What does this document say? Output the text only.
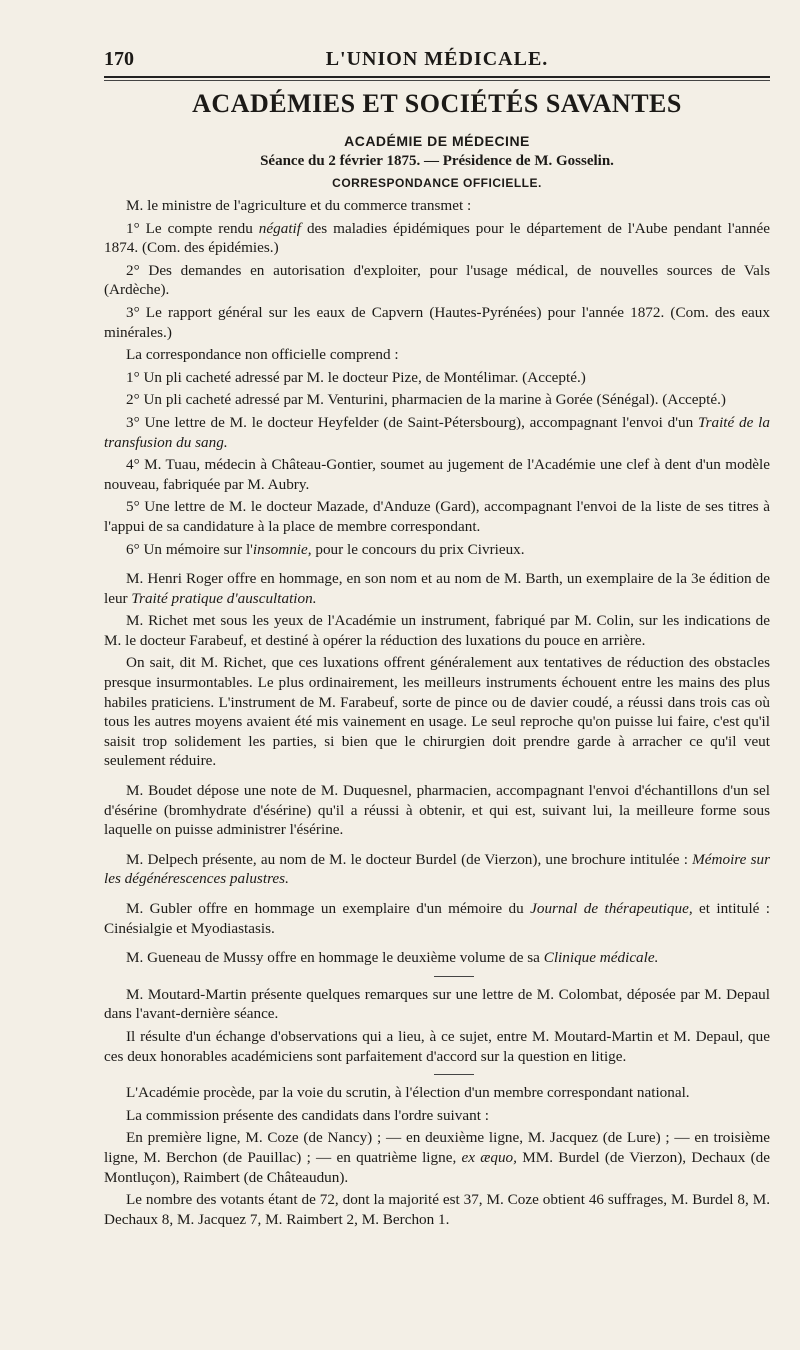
170	L'UNION MÉDICALE.
ACADÉMIES ET SOCIÉTÉS SAVANTES
ACADÉMIE DE MÉDECINE
Séance du 2 février 1875. — Présidence de M. Gosselin.
CORRESPONDANCE OFFICIELLE.

M. le ministre de l'agriculture et du commerce transmet :

1° Le compte rendu négatif des maladies épidémiques pour le département de l'Aube pendant l'année 1874. (Com. des épidémies.)

2° Des demandes en autorisation d'exploiter, pour l'usage médical, de nouvelles sources de Vals (Ardèche).

3° Le rapport général sur les eaux de Capvern (Hautes-Pyrénées) pour l'année 1872. (Com. des eaux minérales.)

La correspondance non officielle comprend :

1° Un pli cacheté adressé par M. le docteur Pize, de Montélimar. (Accepté.)

2° Un pli cacheté adressé par M. Venturini, pharmacien de la marine à Gorée (Sénégal). (Accepté.)

3° Une lettre de M. le docteur Heyfelder (de Saint-Pétersbourg), accompagnant l'envoi d'un Traité de la transfusion du sang.

4° M. Tuau, médecin à Château-Gontier, soumet au jugement de l'Académie une clef à dent d'un modèle nouveau, fabriquée par M. Aubry.

5° Une lettre de M. le docteur Mazade, d'Anduze (Gard), accompagnant l'envoi de la liste de ses titres à l'appui de sa candidature à la place de membre correspondant.

6° Un mémoire sur l'insomnie, pour le concours du prix Civrieux.

M. Henri Roger offre en hommage, en son nom et au nom de M. Barth, un exemplaire de la 3e édition de leur Traité pratique d'auscultation.

M. Richet met sous les yeux de l'Académie un instrument, fabriqué par M. Colin, sur les indications de M. le docteur Farabeuf, et destiné à opérer la réduction des luxations du pouce en arrière.

On sait, dit M. Richet, que ces luxations offrent généralement aux tentatives de réduction des obstacles presque insurmontables. Le plus ordinairement, les meilleurs instruments échouent entre les mains des plus habiles praticiens. L'instrument de M. Farabeuf, sorte de pince ou de davier coudé, a réussi dans trois cas où tous les autres moyens avaient été mis vainement en usage. Le seul reproche qu'on puisse lui faire, c'est qu'il saisit trop solidement les parties, si bien que le chirurgien doit prendre garde à arracher ce qu'il veut seulement réduire.

M. Boudet dépose une note de M. Duquesnel, pharmacien, accompagnant l'envoi d'échantillons d'un sel d'ésérine (bromhydrate d'ésérine) qu'il a réussi à obtenir, et qui est, suivant lui, la meilleure forme sous laquelle on puisse administrer l'ésérine.

M. Delpech présente, au nom de M. le docteur Burdel (de Vierzon), une brochure intitulée : Mémoire sur les dégénérescences palustres.

M. Gubler offre en hommage un exemplaire d'un mémoire du Journal de thérapeutique, et intitulé : Cinésialgie et Myodiastasis.

M. Gueneau de Mussy offre en hommage le deuxième volume de sa Clinique médicale.

M. Moutard-Martin présente quelques remarques sur une lettre de M. Colombat, déposée par M. Depaul dans l'avant-dernière séance.

Il résulte d'un échange d'observations qui a lieu, à ce sujet, entre M. Moutard-Martin et M. Depaul, que ces deux honorables académiciens sont parfaitement d'accord sur la question en litige.

L'Académie procède, par la voie du scrutin, à l'élection d'un membre correspondant national.

La commission présente des candidats dans l'ordre suivant :

En première ligne, M. Coze (de Nancy) ; — en deuxième ligne, M. Jacquez (de Lure) ; — en troisième ligne, M. Berchon (de Pauillac) ; — en quatrième ligne, ex æquo, MM. Burdel (de Vierzon), Dechaux (de Montluçon), Raimbert (de Châteaudun).

Le nombre des votants étant de 72, dont la majorité est 37, M. Coze obtient 46 suffrages, M. Burdel 8, M. Dechaux 8, M. Jacquez 7, M. Raimbert 2, M. Berchon 1.
